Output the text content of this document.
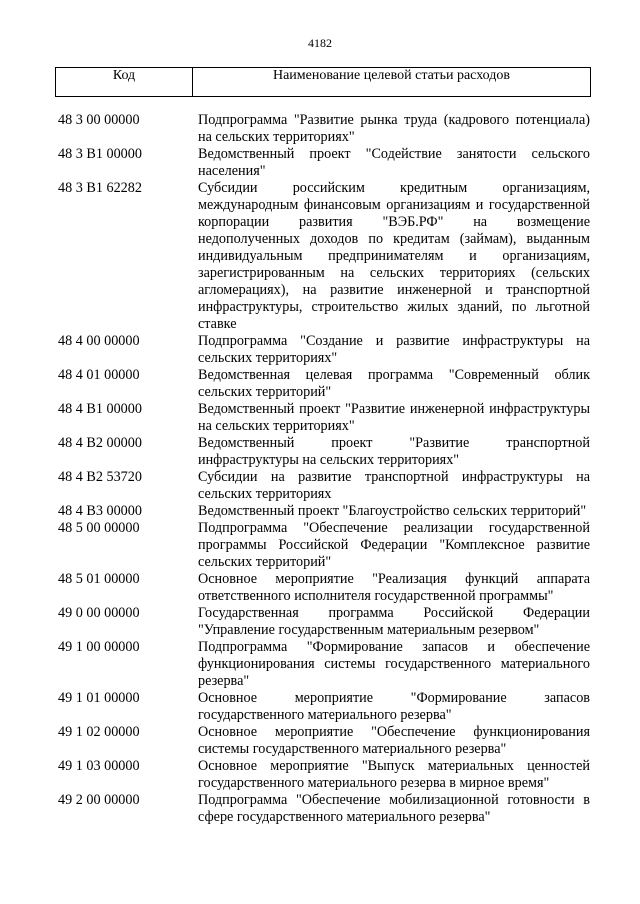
4182
Код	Наименование целевой статьи расходов
48 3 00 00000	Подпрограмма "Развитие рынка труда (кадрового потенциала) на сельских территориях"
48 3 В1 00000	Ведомственный проект "Содействие занятости сельского населения"
48 3 В1 62282	Субсидии российским кредитным организациям, международным финансовым организациям и государственной корпорации развития "ВЭБ.РФ" на возмещение недополученных доходов по кредитам (займам), выданным индивидуальным предпринимателям и организациям, зарегистрированным на сельских территориях (сельских агломерациях), на развитие инженерной и транспортной инфраструктуры, строительство жилых зданий, по льготной ставке
48 4 00 00000	Подпрограмма "Создание и развитие инфраструктуры на сельских территориях"
48 4 01 00000	Ведомственная целевая программа "Современный облик сельских территорий"
48 4 В1 00000	Ведомственный проект "Развитие инженерной инфраструктуры на сельских территориях"
48 4 В2 00000	Ведомственный проект "Развитие транспортной инфраструктуры на сельских территориях"
48 4 В2 53720	Субсидии на развитие транспортной инфраструктуры на сельских территориях
48 4 В3 00000	Ведомственный проект "Благоустройство сельских территорий"
48 5 00 00000	Подпрограмма "Обеспечение реализации государственной программы Российской Федерации "Комплексное развитие сельских территорий"
48 5 01 00000	Основное мероприятие "Реализация функций аппарата ответственного исполнителя государственной программы"
49 0 00 00000	Государственная программа Российской Федерации "Управление государственным материальным резервом"
49 1 00 00000	Подпрограмма "Формирование запасов и обеспечение функционирования системы государственного материального резерва"
49 1 01 00000	Основное мероприятие "Формирование запасов государственного материального резерва"
49 1 02 00000	Основное мероприятие "Обеспечение функционирования системы государственного материального резерва"
49 1 03 00000	Основное мероприятие "Выпуск материальных ценностей государственного материального резерва в мирное время"
49 2 00 00000	Подпрограмма "Обеспечение мобилизационной готовности в сфере государственного материального резерва"
